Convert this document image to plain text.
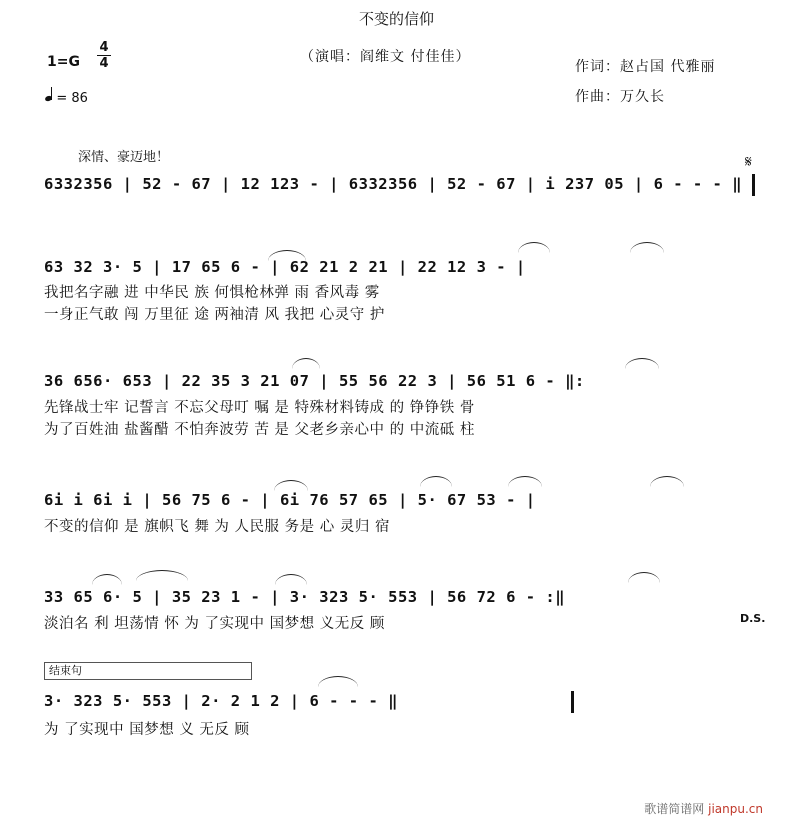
不变的信仰
（演唱：阎维文 付佳佳）
作词：赵占国 代雅丽
作曲：万久长
1=G
4
4
= 86
深情、豪迈地！	𝄋
6332356 | 52 - 67 | 12 123 - | 6332356 | 52 - 67 | i 237 05 | 6 - - - ‖
63 32 3· 5 | 17 65 6 - | 62 21 2 21 | 22 12 3 - |
我把名字融 进 中华民 族 何惧枪林弹 雨 香风毒 雾
一身正气敢 闯 万里征 途 两袖清 风 我把 心灵守 护
36 656· 653 | 22 35 3 21 07 | 55 56 22 3 | 56 51 6 - ‖:
先锋战士牢 记誓言 不忘父母叮 嘱 是 特殊材料铸成 的 铮铮铁 骨
为了百姓油 盐酱醋 不怕奔波劳 苦 是 父老乡亲心中 的 中流砥 柱
6i i 6i i | 56 75 6 - | 6i 76 57 65 | 5· 67 53 - |
不变的信仰 是 旗帜飞 舞 为 人民服 务是 心 灵归 宿
33 65 6· 5 | 35 23 1 - | 3· 323 5· 553 | 56 72 6 - :‖
淡泊名 利 坦荡情 怀 为 了实现中 国梦想 义无反 顾	D.S.
结束句
3· 323 5· 553 | 2· 2 1 2 | 6 - - - ‖
为 了实现中 国梦想 义 无反 顾
歌谱简谱网 jianpu.cn
